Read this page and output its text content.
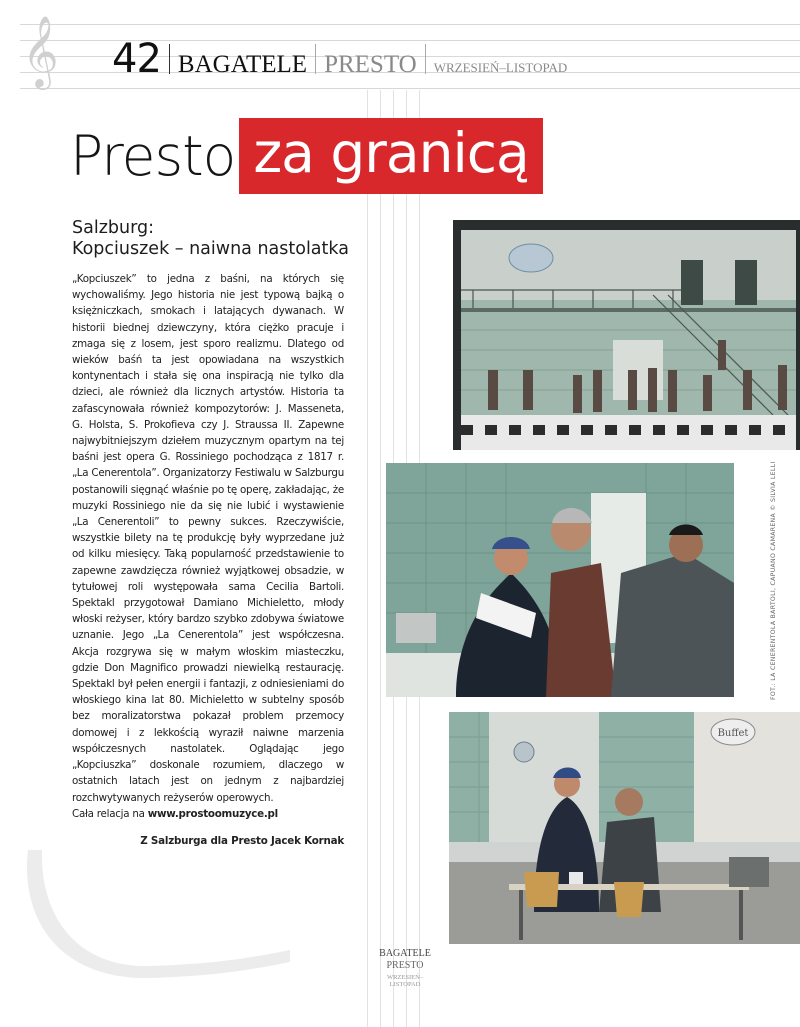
𝄞 42 BAGATELE PRESTO WRZESIEŃ–LISTOPAD
Presto za granicą
Salzburg:
Kopciuszek – naiwna nastolatka

„Kopciuszek” to jedna z baśni, na których się wychowaliśmy. Jego historia nie jest typową bajką o księżniczkach, smokach i latających dywanach. W historii biednej dziewczyny, która ciężko pracuje i zmaga się z losem, jest sporo realizmu. Dlatego od wieków baśń ta jest opowiadana na wszystkich kontynentach i stała się ona inspiracją nie tylko dla dzieci, ale również dla licznych artystów. Historia ta zafascynowała również kompozytorów: J. Masseneta, G. Holsta, S. Prokofieva czy J. Straussa II. Zapewne najwybitniejszym dziełem muzycznym opartym na tej baśni jest opera G. Rossiniego pochodząca z 1817 r. „La Cenerentola”. Organizatorzy Festiwalu w Salzburgu postanowili sięgnąć właśnie po tę operę, zakładając, że muzyki Rossiniego nie da się nie lubić i wystawienie „La Cenerentoli” to pewny sukces. Rzeczywiście, wszystkie bilety na tę produkcję były wyprzedane już od kilku miesięcy. Taką popularność przedstawienie to zapewne zawdzięcza również wyjątkowej obsadzie, w tytułowej roli występowała sama Cecilia Bartoli. Spektakl przygotował Damiano Michieletto, młody włoski reżyser, który bardzo szybko zdobywa światowe uznanie. Jego „La Cenerentola” jest współczesna. Akcja rozgrywa się w małym włoskim miasteczku, gdzie Don Magnifico prowadzi niewielką restaurację. Spektakl był pełen energii i fantazji, z odniesieniami do włoskiego kina lat 80. Michieletto w subtelny sposób bez moralizatorstwa pokazał problem przemocy domowej i z lekkością wyraził naiwne marzenia współczesnych nastolatek. Oglądając jego „Kopciuszka” doskonale rozumiem, dlaczego w ostatnich latach jest on jednym z najbardziej rozchwytywanych reżyserów operowych.

Cała relacja na www.prostoomuzyce.pl

Z Salzburga dla Presto Jacek Kornak
FOT.: LA CENERENTOLA BARTOLI, CAPUANO CAMARENA © SILVIA LELLI
Buffet
BAGATELE
PRESTO
WRZESIEŃ–
LISTOPAD
